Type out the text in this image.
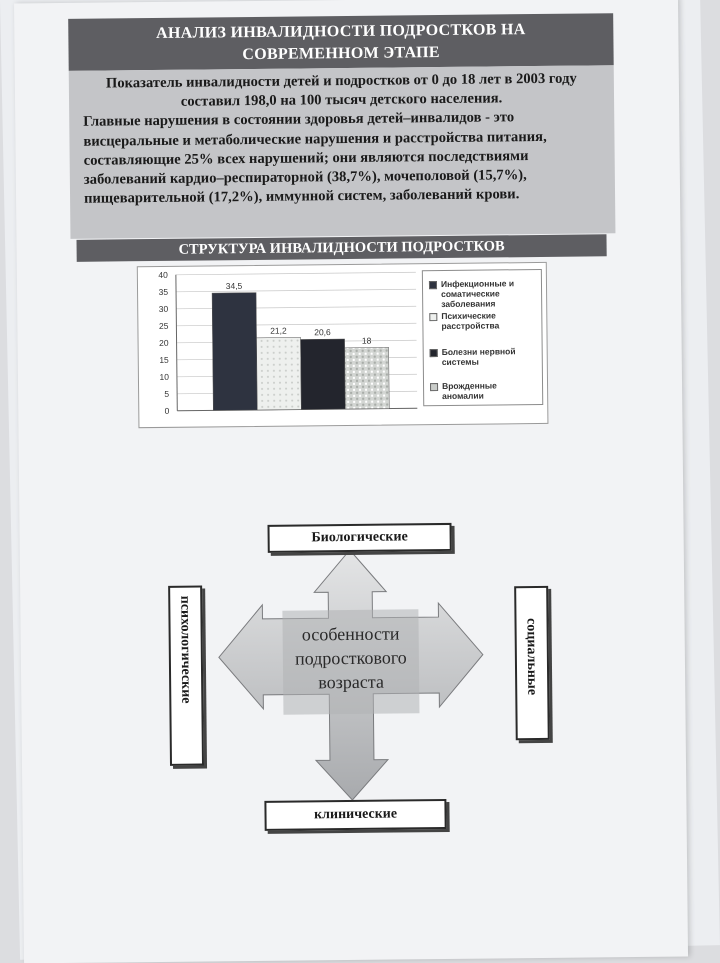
АНАЛИЗ ИНВАЛИДНОСТИ ПОДРОСТКОВ НА
СОВРЕМЕННОМ ЭТАПЕ

Показатель инвалидности детей и подростков от 0 до 18 лет в 2003 году составил 198,0 на 100 тысяч детского населения.

Главные нарушения в состоянии здоровья детей–инвалидов - это висцеральные и метаболические нарушения и расстройства питания, составляющие 25% всех нарушений; они являются последствиями заболеваний кардио–респираторной (38,7%), мочеполовой (15,7%), пищеварительной (17,2%), иммунной систем, заболеваний крови.

СТРУКТУРА ИНВАЛИДНОСТИ ПОДРОСТКОВ
0
5
10
15
20
25
30
35
40
34,5
21,2	20,6
18
Инфекционные и соматические заболевания
Психические расстройства
Болезни нервной системы
Врожденные аномалии
Биологические
клинические
психологические	социальные
особенности
подросткового
возраста
